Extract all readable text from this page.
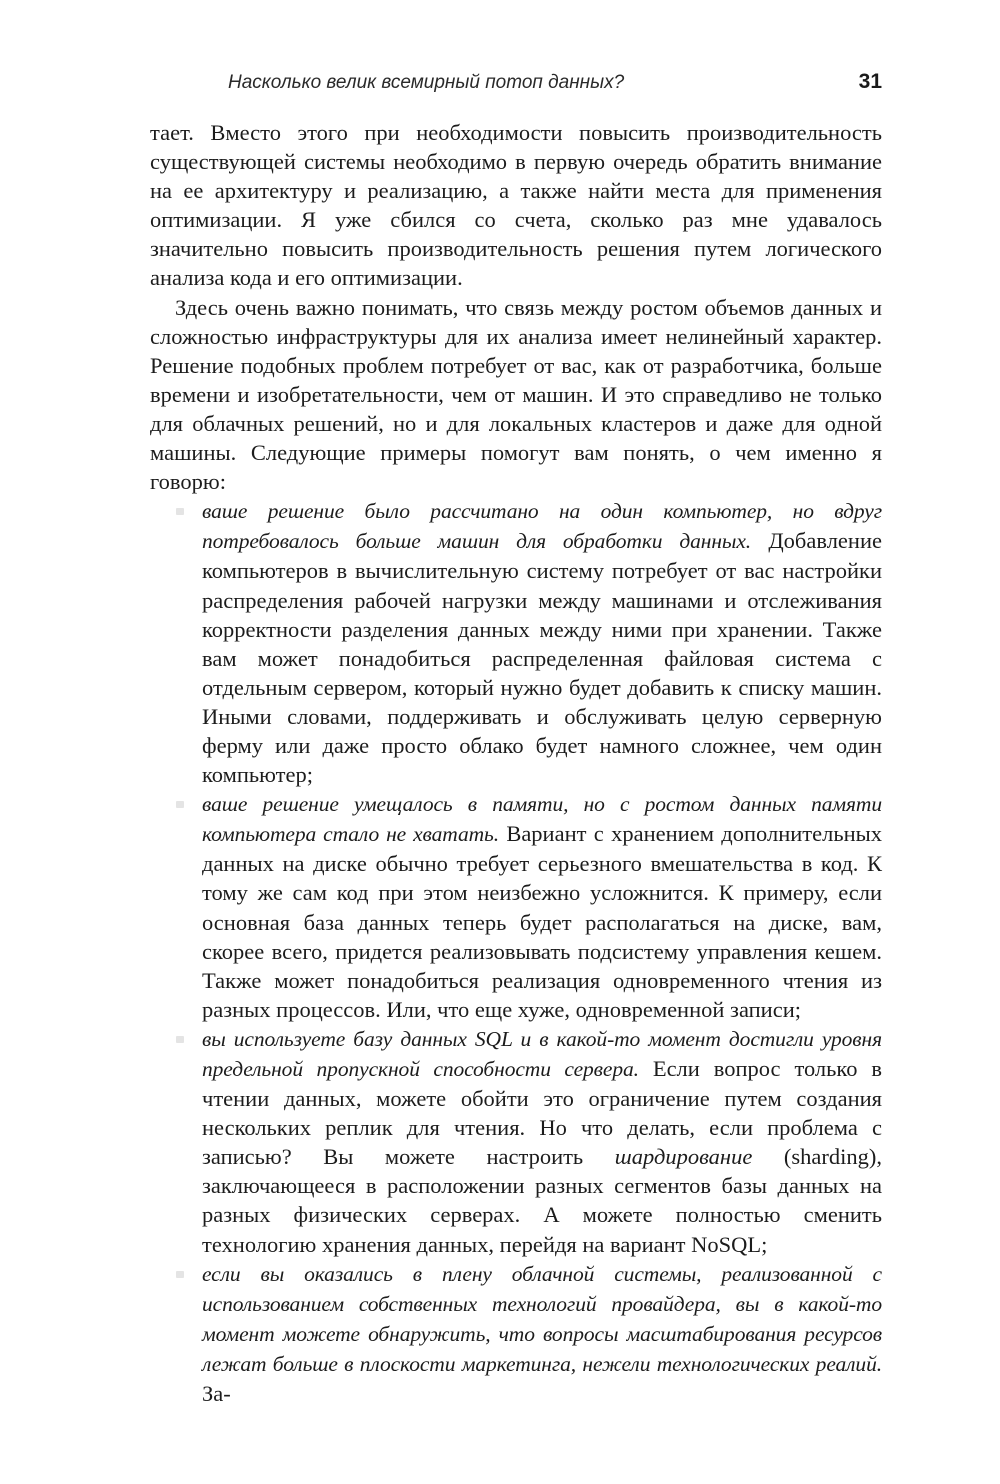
Насколько велик всемирный потоп данных?	31

тает. Вместо этого при необходимости повысить производительность существующей системы необходимо в первую очередь обратить внимание на ее архитектуру и реализацию, а также найти места для применения оптимизации. Я уже сбился со счета, сколько раз мне удавалось значительно повысить производительность решения путем логического анализа кода и его оптимизации.

Здесь очень важно понимать, что связь между ростом объемов данных и сложностью инфраструктуры для их анализа имеет нелинейный характер. Решение подобных проблем потребует от вас, как от разработчика, больше времени и изобретательности, чем от машин. И это справедливо не только для облачных решений, но и для локальных кластеров и даже для одной машины. Следующие примеры помогут вам понять, о чем именно я говорю:

ваше решение было рассчитано на один компьютер, но вдруг потребовалось больше машин для обработки данных. Добавление компьютеров в вычислительную систему потребует от вас настройки распределения рабочей нагрузки между машинами и отслеживания корректности разделения данных между ними при хранении. Также вам может понадобиться распределенная файловая система с отдельным сервером, который нужно будет добавить к списку машин. Иными словами, поддерживать и обслуживать целую серверную ферму или даже просто облако будет намного сложнее, чем один компьютер;
ваше решение умещалось в памяти, но с ростом данных памяти компьютера стало не хватать. Вариант с хранением дополнительных данных на диске обычно требует серьезного вмешательства в код. К тому же сам код при этом неизбежно усложнится. К примеру, если основная база данных теперь будет располагаться на диске, вам, скорее всего, придется реализовывать подсистему управления кешем. Также может понадобиться реализация одновременного чтения из разных процессов. Или, что еще хуже, одновременной записи;
вы используете базу данных SQL и в какой-то момент достигли уровня предельной пропускной способности сервера. Если вопрос только в чтении данных, можете обойти это ограничение путем создания нескольких реплик для чтения. Но что делать, если проблема с записью? Вы можете настроить шардирование (sharding), заключающееся в расположении разных сегментов базы данных на разных физических серверах. А можете полностью сменить технологию хранения данных, перейдя на вариант NoSQL;
если вы оказались в плену облачной системы, реализованной с использованием собственных технологий провайдера, вы в какой-то момент можете обнаружить, что вопросы масштабирования ресурсов лежат больше в плоскости маркетинга, нежели технологических реалий. За-
